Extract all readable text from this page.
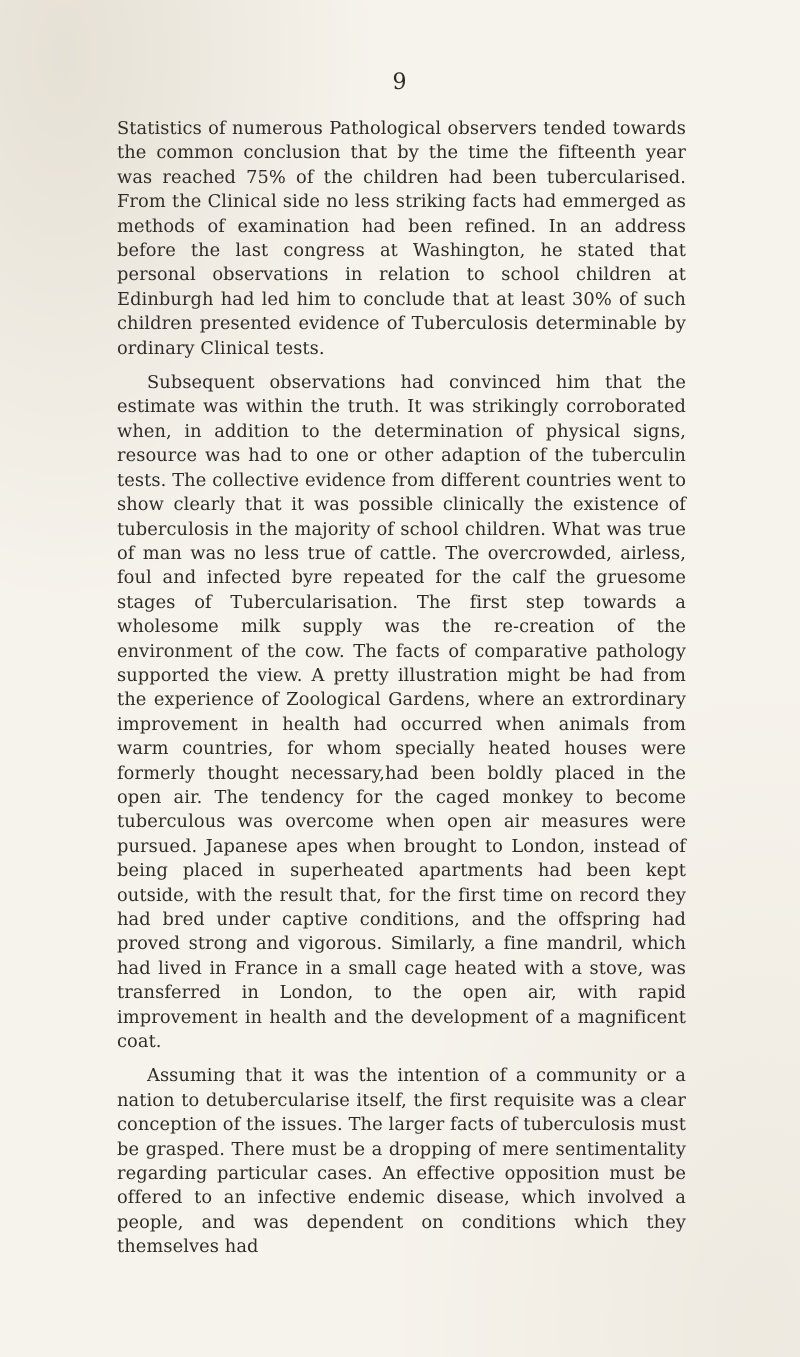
9

Statistics of numerous Pathological observers tended towards the common conclusion that by the time the fifteenth year was reached 75% of the children had been tubercularised. From the Clinical side no less striking facts had emmerged as methods of examination had been refined. In an address before the last congress at Washington, he stated that personal observations in relation to school children at Edinburgh had led him to conclude that at least 30% of such children presented evidence of Tuberculosis determinable by ordinary Clinical tests.

Subsequent observations had convinced him that the estimate was within the truth. It was strikingly corroborated when, in addition to the determination of physical signs, resource was had to one or other adaption of the tuberculin tests. The collective evidence from different countries went to show clearly that it was possible clinically the existence of tuberculosis in the majority of school children. What was true of man was no less true of cattle. The overcrowded, airless, foul and infected byre repeated for the calf the gruesome stages of Tubercularisation. The first step towards a wholesome milk supply was the re-creation of the environment of the cow. The facts of comparative pathology supported the view. A pretty illustration might be had from the experience of Zoological Gardens, where an extrordinary improvement in health had occurred when animals from warm countries, for whom specially heated houses were formerly thought necessary,had been boldly placed in the open air. The tendency for the caged monkey to become tuberculous was overcome when open air measures were pursued. Japanese apes when brought to London, instead of being placed in superheated apartments had been kept outside, with the result that, for the first time on record they had bred under captive conditions, and the offspring had proved strong and vigorous. Similarly, a fine mandril, which had lived in France in a small cage heated with a stove, was transferred in London, to the open air, with rapid improvement in health and the development of a magnificent coat.

Assuming that it was the intention of a community or a nation to detubercularise itself, the first requisite was a clear conception of the issues. The larger facts of tuberculosis must be grasped. There must be a dropping of mere sentimentality regarding particular cases. An effective opposition must be offered to an infective endemic disease, which involved a people, and was dependent on conditions which they themselves had
